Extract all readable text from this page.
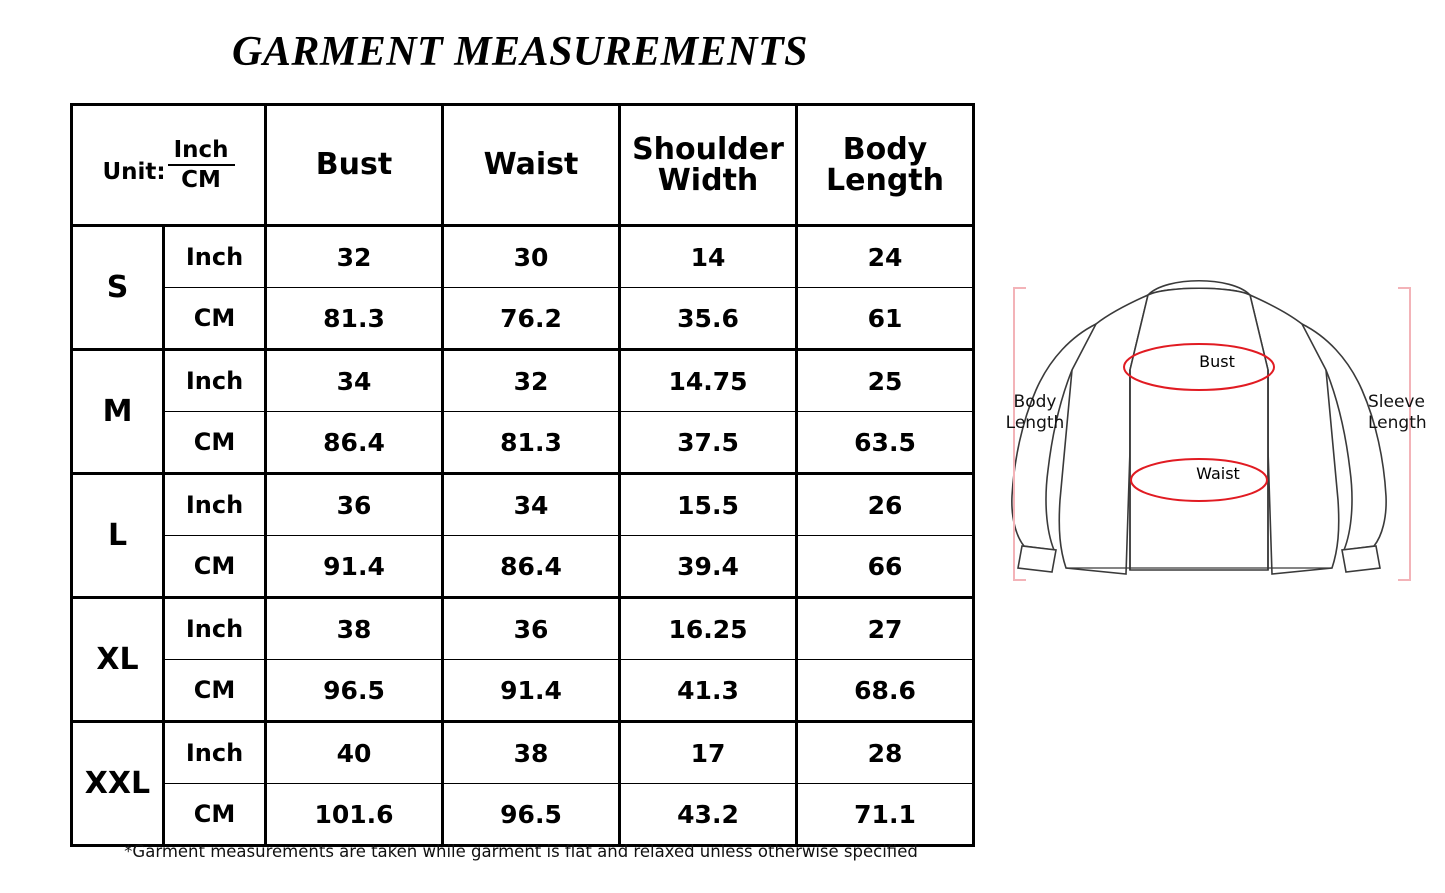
GARMENT MEASUREMENTS
Unit: $\frac{\text{Inch}}{CM}$		Bust	Waist	Shoulder Width	Body Length
S	Inch	32	30	14	24
	CM	81.3	76.2	35.6	61
M	Inch	34	32	14.75	25
	CM	86.4	81.3	37.5	63.5
L	Inch	36	34	15.5	26
	CM	91.4	86.4	39.4	66
XL	Inch	38	36	16.25	27
	CM	96.5	91.4	41.3	68.6
XXL	Inch	40	38	17	28
	CM	101.6	96.5	43.2	71.1
*Garment measurements are taken while garment is flat and relaxed unless otherwise specified
Body
Length
Sleeve
Length
Bust
Waist
